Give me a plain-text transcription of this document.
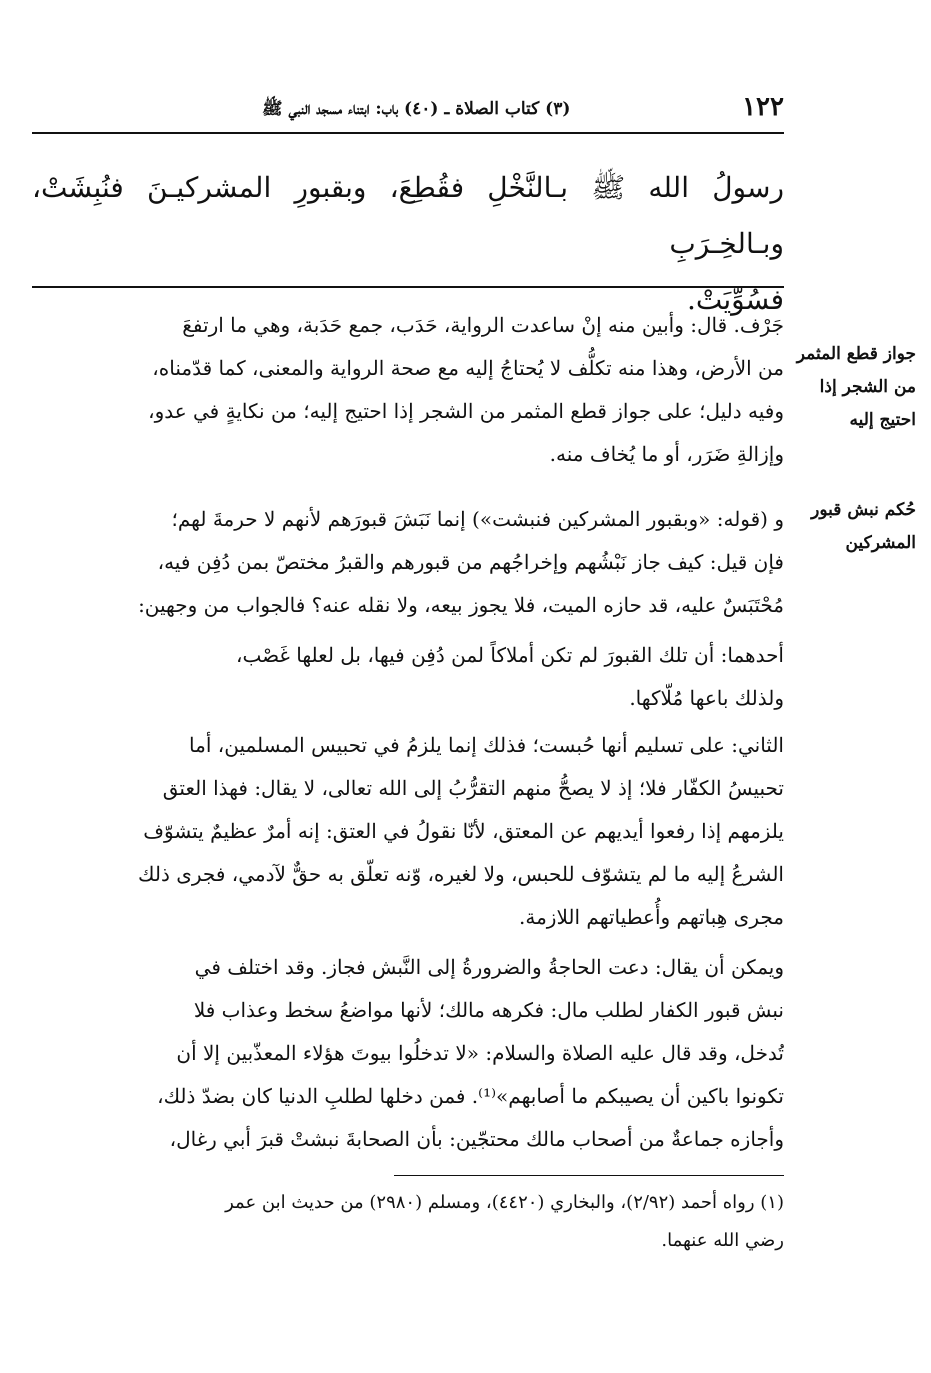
١٢٢
(٣) كتاب الصلاة ـ (٤٠) باب: ابتناء مسجد النبي ﷺ
رسولُ الله ﷺ بـالنَّخْلِ فقُطِعَ، وبقبورِ المشركيـنَ فنُبِشَتْ، وبـالخِـرَبِ
فسُوِّيَتْ.
جواز قطع المثمر
من الشجر إذا
احتيج إليه
حُكم نبش قبور
المشركين
جَرْف. قال: وأبين منه إنْ ساعدت الرواية، حَدَب، جمع حَدَبة، وهي ما ارتفعَ
من الأرض، وهذا منه تكلُّف لا يُحتاجُ إليه مع صحة الرواية والمعنى، كما قدّمناه،
وفيه دليل؛ على جواز قطع المثمر من الشجر إذا احتيج إليه؛ من نكايةٍ في عدو،
وإزالةِ ضَرَر، أو ما يُخاف منه.
و (قوله: «وبقبور المشركين فنبشت») إنما نَبَشَ قبورَهم لأنهم لا حرمةَ لهم؛
فإن قيل: كيف جاز نَبْشُهم وإخراجُهم من قبورهم والقبرُ مختصّ بمن دُفِن فيه،
مُحْتَبَسٌ عليه، قد حازه الميت، فلا يجوز بيعه، ولا نقله عنه؟ فالجواب من وجهين:
أحدهما: أن تلك القبورَ لم تكن أملاكاً لمن دُفِن فيها، بل لعلها غَصْب،
ولذلك باعها مُلّاكها.
الثاني: على تسليم أنها حُبست؛ فذلك إنما يلزمُ في تحبيس المسلمين، أما
تحبيسُ الكفّار فلا؛ إذ لا يصحُّ منهم التقرُّبُ إلى الله تعالى، لا يقال: فهذا العتق
يلزمهم إذا رفعوا أيديهم عن المعتق، لأنّا نقولُ في العتق: إنه أمرٌ عظيمٌ يتشوّف
الشرعُ إليه ما لم يتشوّف للحبس، ولا لغيره، وّنه تعلّق به حقٌّ لآدمي، فجرى ذلك
مجرى هِباتهم وأُعطياتهم اللازمة.
ويمكن أن يقال: دعت الحاجةُ والضرورةُ إلى النَّبش فجاز. وقد اختلف في
نبش قبور الكفار لطلب مال: فكرهه مالك؛ لأنها مواضعُ سخط وعذاب فلا
تُدخل، وقد قال عليه الصلاة والسلام: «لا تدخلُوا بيوتَ هؤلاء المعذّبين إلا أن
تكونوا باكين أن يصيبكم ما أصابهم»⁽¹⁾. فمن دخلها لطلبِ الدنيا كان بضدّ ذلك،
وأجازه جماعةٌ من أصحاب مالك محتجّين: بأن الصحابةَ نبشتْ قبرَ أبي رغال،
(١) رواه أحمد (٢/٩٢)، والبخاري (٤٤٢٠)، ومسلم (٢٩٨٠) من حديث ابن عمر
رضي الله عنهما.
